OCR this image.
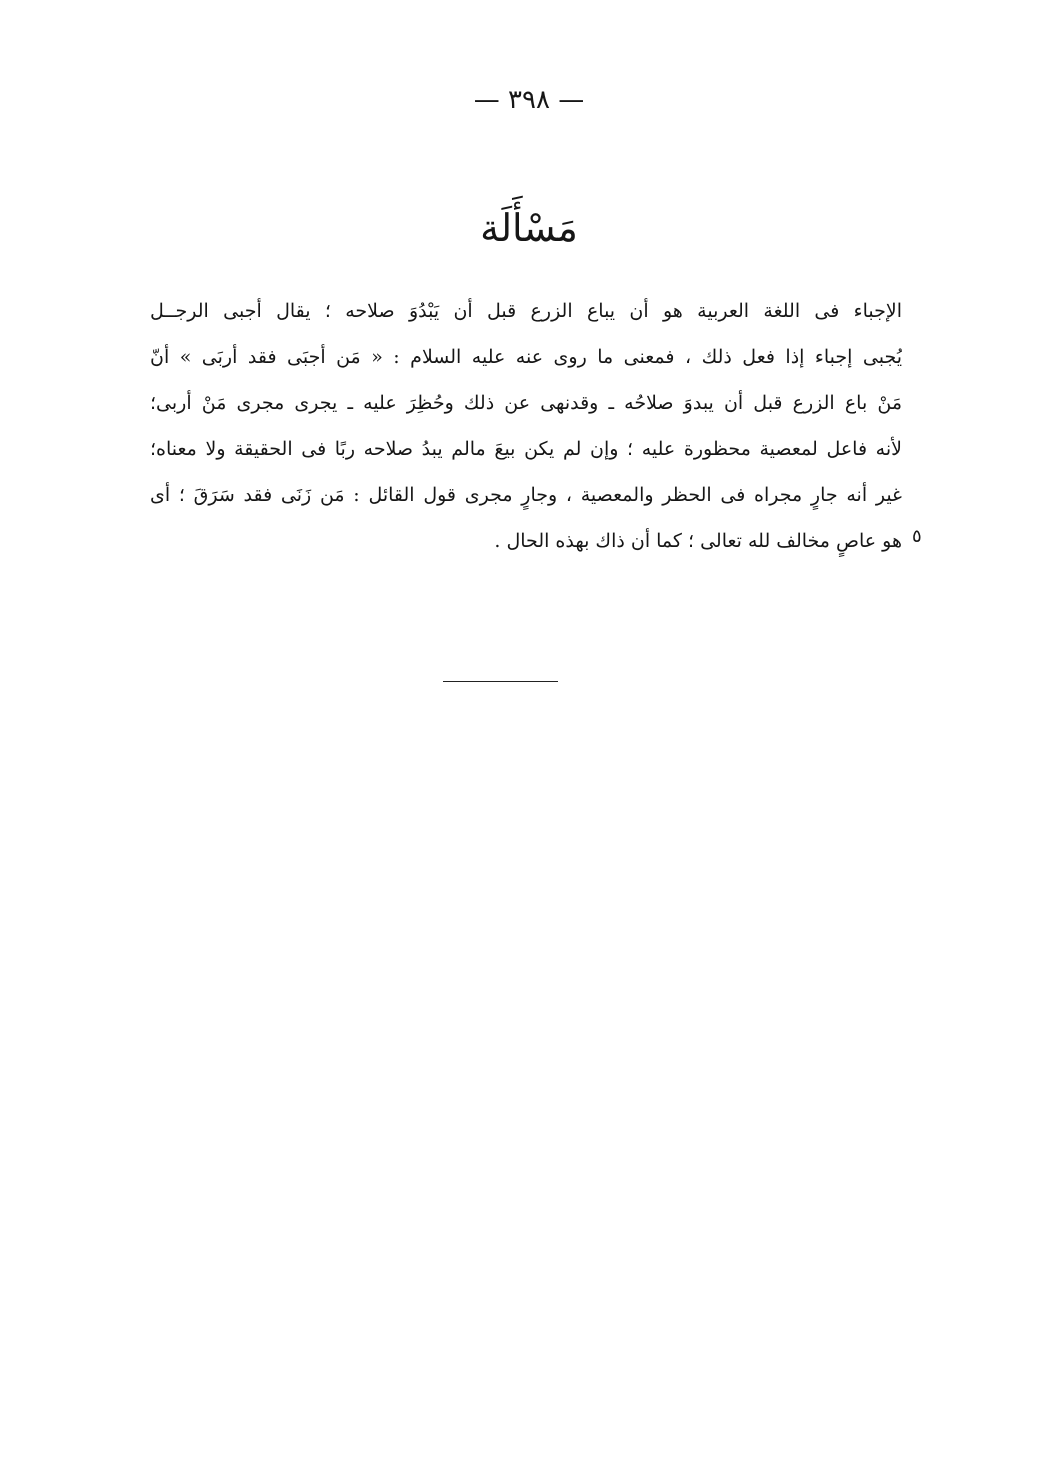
— ٣٩٨ —
مَسْأَلَة
الإجباء فى اللغة العربية هو أن يباع الزرع قبل أن يَبْدُوَ صلاحه ؛ يقال أجبى الرجــل
يُجبى إجباء إذا فعل ذلك ، فمعنى ما روى عنه عليه السلام : « مَن أجبَى فقد أربَى » أنّ
مَنْ باع الزرع قبل أن يبدوَ صلاحُه ـ وقدنهى عن ذلك وحُظِرَ عليه ـ يجرى مجرى مَنْ أربى؛
لأنه فاعل لمعصية محظورة عليه ؛ وإن لم يكن بيعَ مالم يبدُ صلاحه ربًا فى الحقيقة ولا معناه؛
غير أنه جارٍ مجراه فى الحظر والمعصية ، وجارٍ مجرى قول القائل : مَن زَنَى فقد سَرَقَ ؛ أى
هو عاصٍ مخالف لله تعالى ؛ كما أن ذاك بهذه الحال . ٥
